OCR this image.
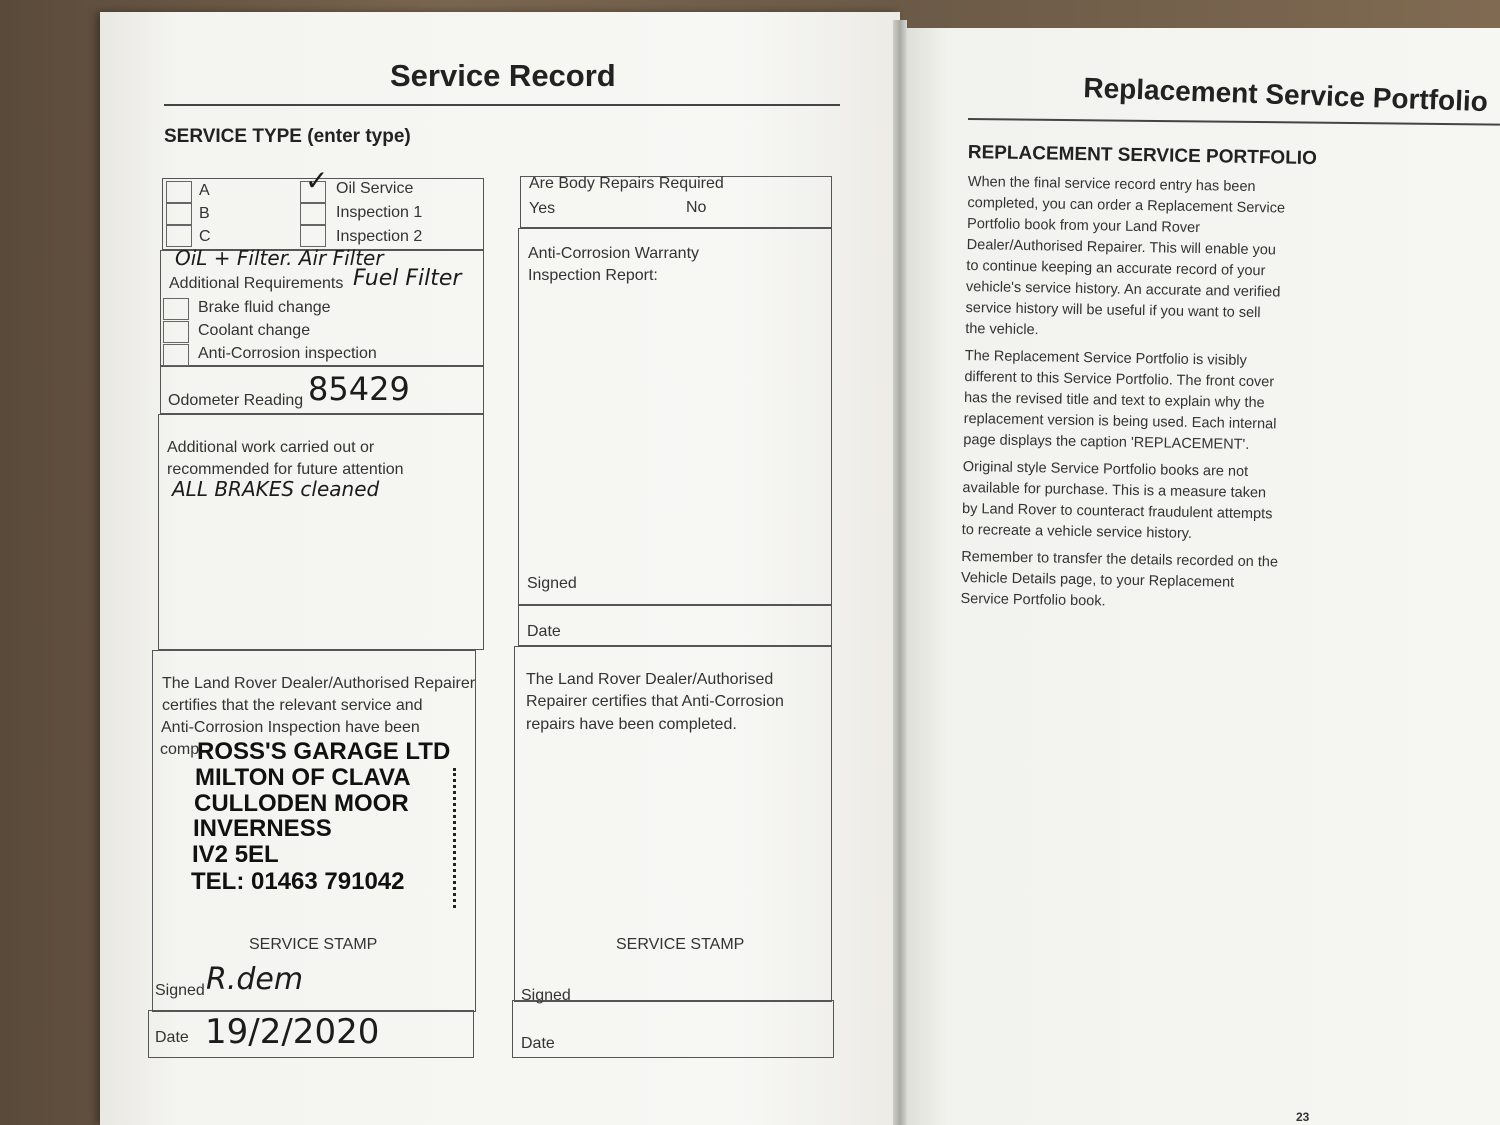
Service Record
SERVICE TYPE (enter type)
A
B
C
✓ Oil Service
Inspection 1
Inspection 2
OiL + Filter. Air Filter
Additional Requirements Fuel Filter
Brake fluid change
Coolant change
Anti-Corrosion inspection
Odometer Reading 85429
Additional work carried out or
recommended for future attention
ALL BRAKES cleaned
The Land Rover Dealer/Authorised Repairer
certifies that the relevant service and
Anti-Corrosion Inspection have been
comp
ROSS'S GARAGE LTD
MILTON OF CLAVA
CULLODEN MOOR
INVERNESS
IV2 5EL
TEL: 01463 791042
SERVICE STAMP
Signed R.dem
Date 19/2/2020
Are Body Repairs Required
Yes	No
Anti-Corrosion Warranty
Inspection Report:
Signed
Date
The Land Rover Dealer/Authorised
Repairer certifies that Anti-Corrosion
repairs have been completed.
SERVICE STAMP
Signed
Date
Replacement Service Portfolio
REPLACEMENT SERVICE PORTFOLIO

When the final service record entry has been completed, you can order a Replacement Service Portfolio book from your Land Rover Dealer/Authorised Repairer. This will enable you to continue keeping an accurate record of your vehicle's service history. An accurate and verified service history will be useful if you want to sell the vehicle.

The Replacement Service Portfolio is visibly different to this Service Portfolio. The front cover has the revised title and text to explain why the replacement version is being used. Each internal page displays the caption 'REPLACEMENT'.

Original style Service Portfolio books are not available for purchase. This is a measure taken by Land Rover to counteract fraudulent attempts to recreate a vehicle service history.

Remember to transfer the details recorded on the Vehicle Details page, to your Replacement Service Portfolio book.

23
